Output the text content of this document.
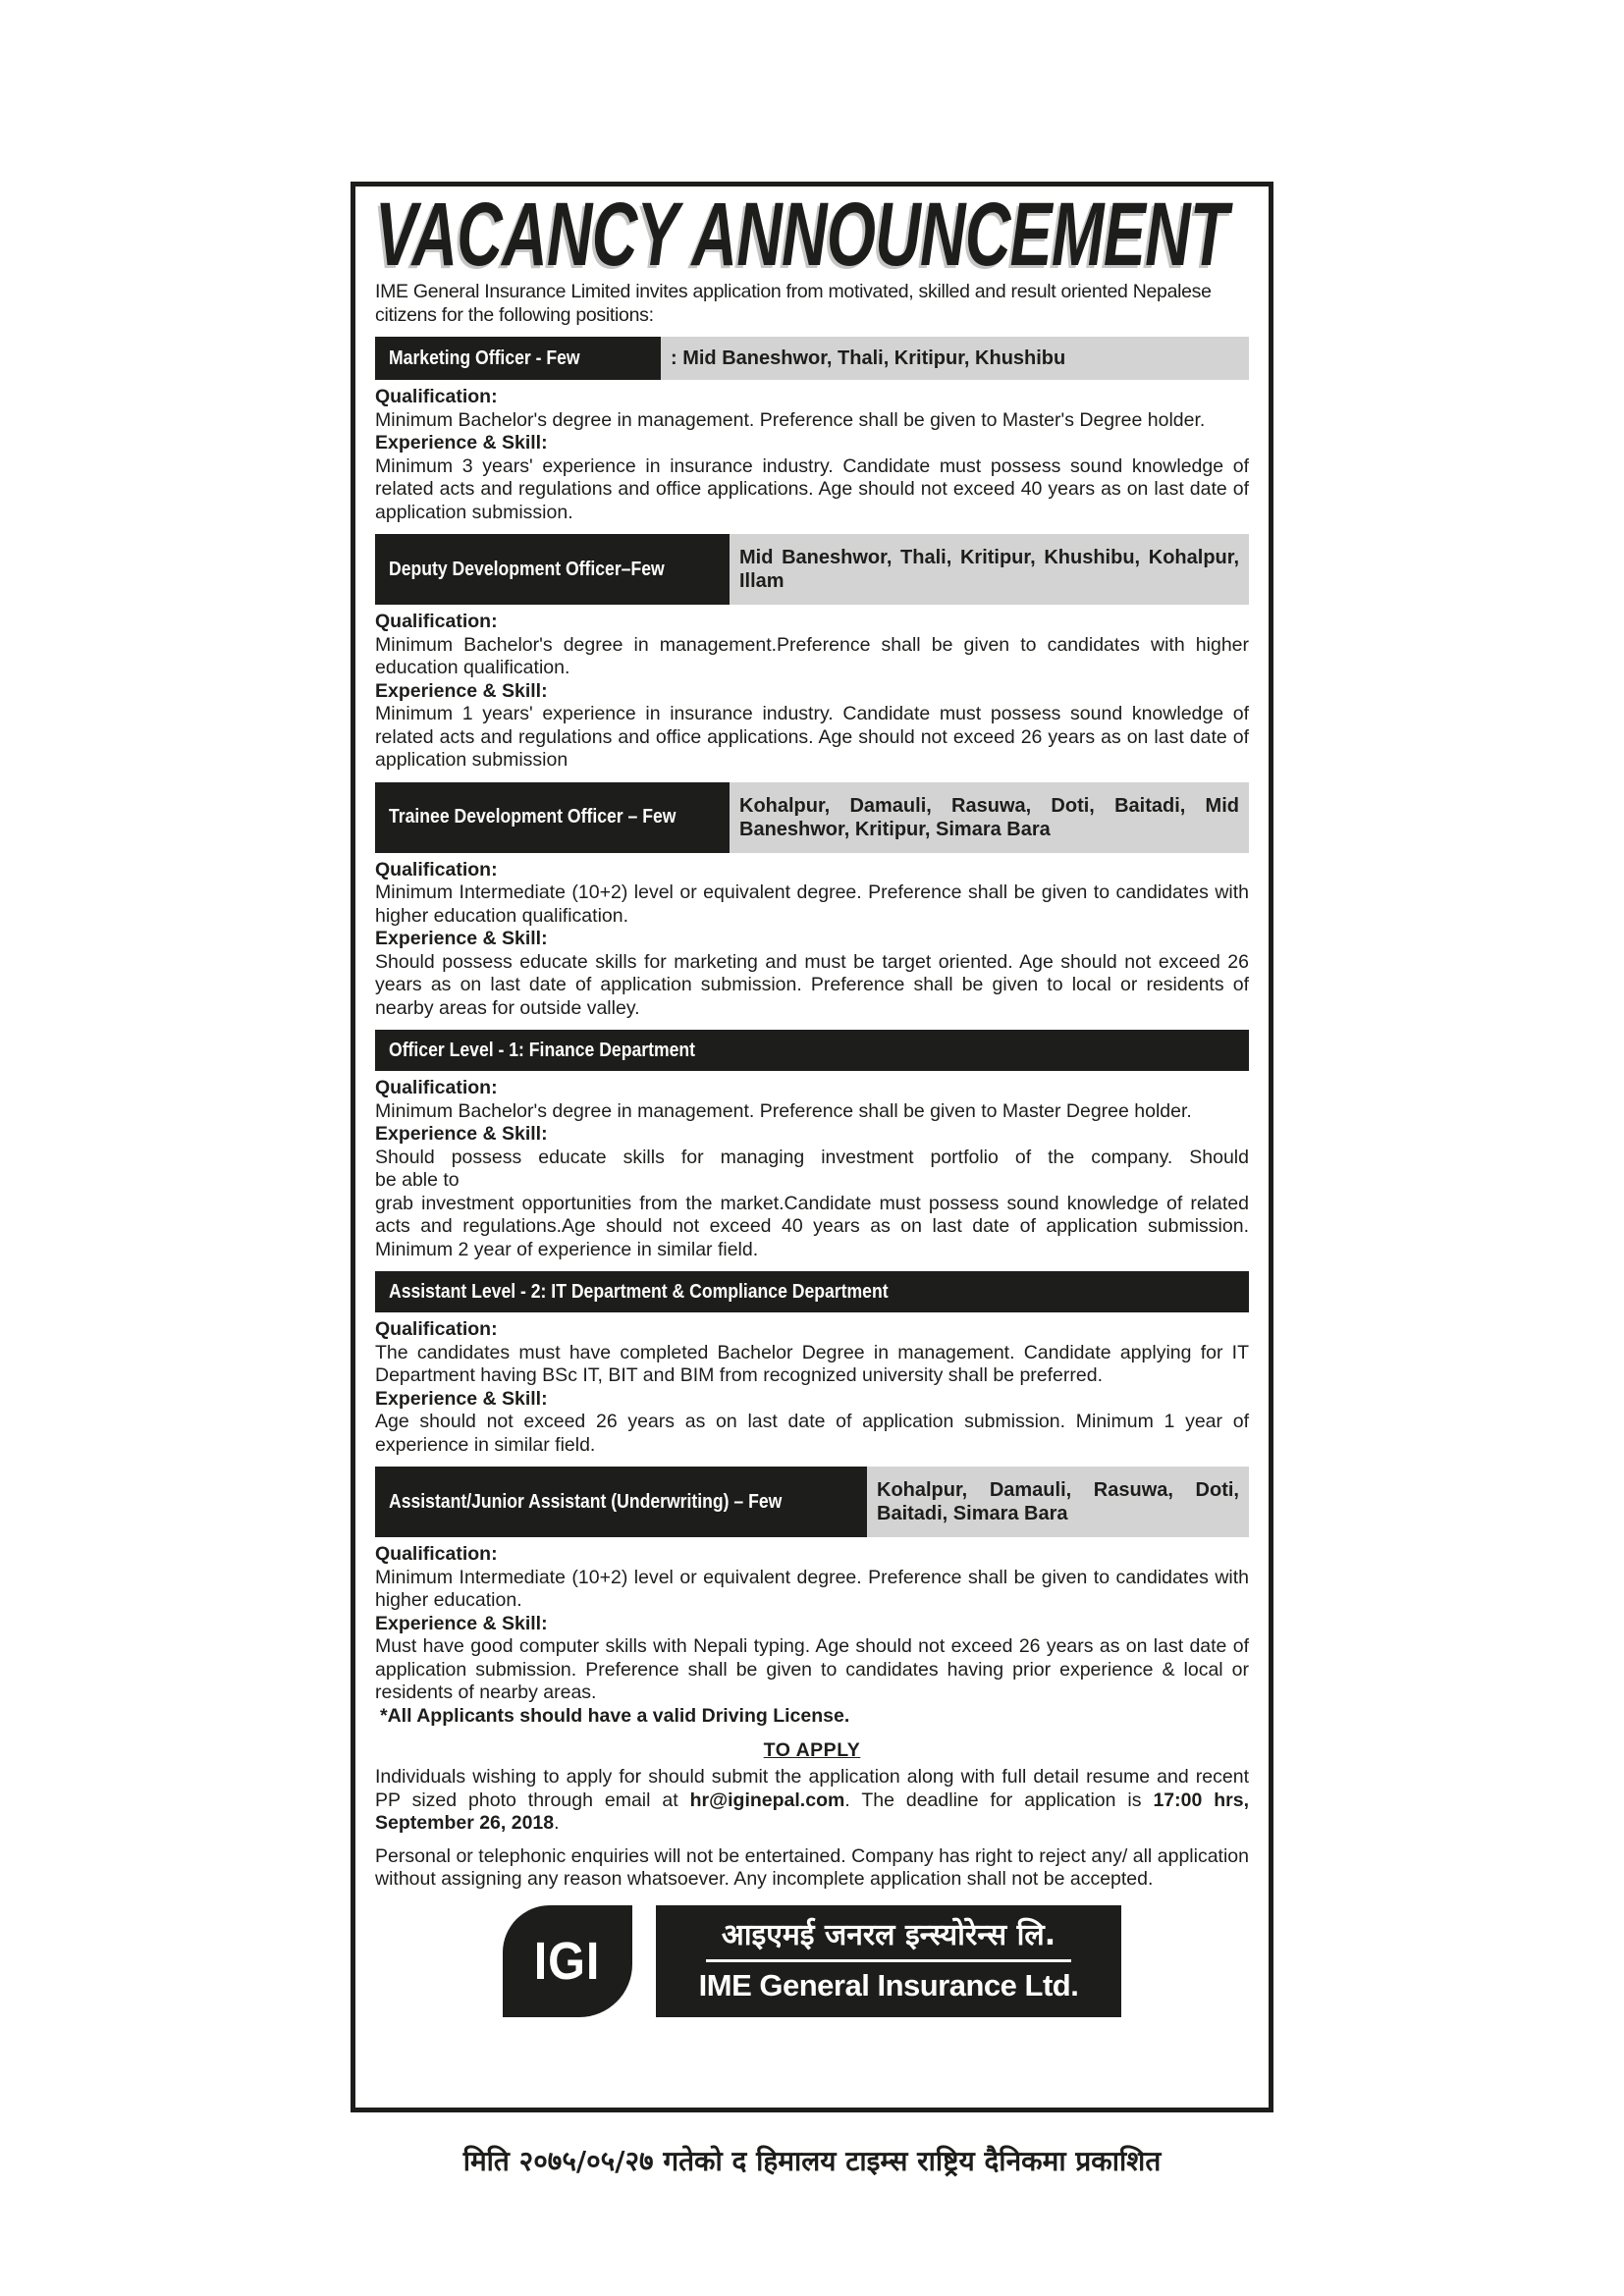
VACANCY ANNOUNCEMENT
IME General Insurance Limited invites application from motivated, skilled and result oriented Nepalese citizens for the following positions:
Marketing Officer - Few	: Mid Baneshwor, Thali, Kritipur, Khushibu
Qualification:
Minimum Bachelor's degree in management. Preference shall be given to Master's Degree holder.
Experience & Skill:
Minimum 3 years' experience in insurance industry. Candidate must possess sound knowledge of related acts and regulations and office applications. Age should not exceed 40 years as on last date of application submission.
Deputy Development Officer–Few
Mid Baneshwor, Thali, Kritipur, Khushibu, Kohalpur, Illam
Qualification:
Minimum Bachelor's degree in management.Preference shall be given to candidates with higher education qualification.
Experience & Skill:
Minimum 1 years' experience in insurance industry. Candidate must possess sound knowledge of related acts and regulations and office applications. Age should not exceed 26 years as on last date of application submission
Trainee Development Officer – Few
Kohalpur, Damauli, Rasuwa, Doti, Baitadi, Mid Baneshwor, Kritipur, Simara Bara
Qualification:
Minimum Intermediate (10+2) level or equivalent degree. Preference shall be given to candidates with higher education qualification.
Experience & Skill:
Should possess educate skills for marketing and must be target oriented. Age should not exceed 26 years as on last date of application submission. Preference shall be given to local or residents of nearby areas for outside valley.
Officer Level - 1: Finance Department
Qualification:
Minimum Bachelor's degree in management. Preference shall be given to Master Degree holder.
Experience & Skill:
Should possess educate skills for managing investment portfolio of the company. Should
be able to
grab investment opportunities from the market.Candidate must possess sound knowledge of related acts and regulations.Age should not exceed 40 years as on last date of application submission. Minimum 2 year of experience in similar field.
Assistant Level - 2: IT Department & Compliance Department
Qualification:
The candidates must have completed Bachelor Degree in management. Candidate applying for IT Department having BSc IT, BIT and BIM from recognized university shall be preferred.
Experience & Skill:
Age should not exceed 26 years as on last date of application submission. Minimum 1 year of experience in similar field.
Assistant/Junior Assistant (Underwriting) – Few
Kohalpur, Damauli, Rasuwa, Doti, Baitadi, Simara Bara
Qualification:
Minimum Intermediate (10+2) level or equivalent degree. Preference shall be given to candidates with higher education.
Experience & Skill:
Must have good computer skills with Nepali typing. Age should not exceed 26 years as on last date of application submission. Preference shall be given to candidates having prior experience & local or residents of nearby areas.
*All Applicants should have a valid Driving License.
TO APPLY
Individuals wishing to apply for should submit the application along with full detail resume and recent PP sized photo through email at hr@iginepal.com. The deadline for application is 17:00 hrs, September 26, 2018.
Personal or telephonic enquiries will not be entertained. Company has right to reject any/ all application without assigning any reason whatsoever. Any incomplete application shall not be accepted.
IGI	आइएमई जनरल इन्स्योरेन्स लि.
IME General Insurance Ltd.
मिति २०७५/०५/२७ गतेको द हिमालय टाइम्स राष्ट्रिय दैनिकमा प्रकाशित
